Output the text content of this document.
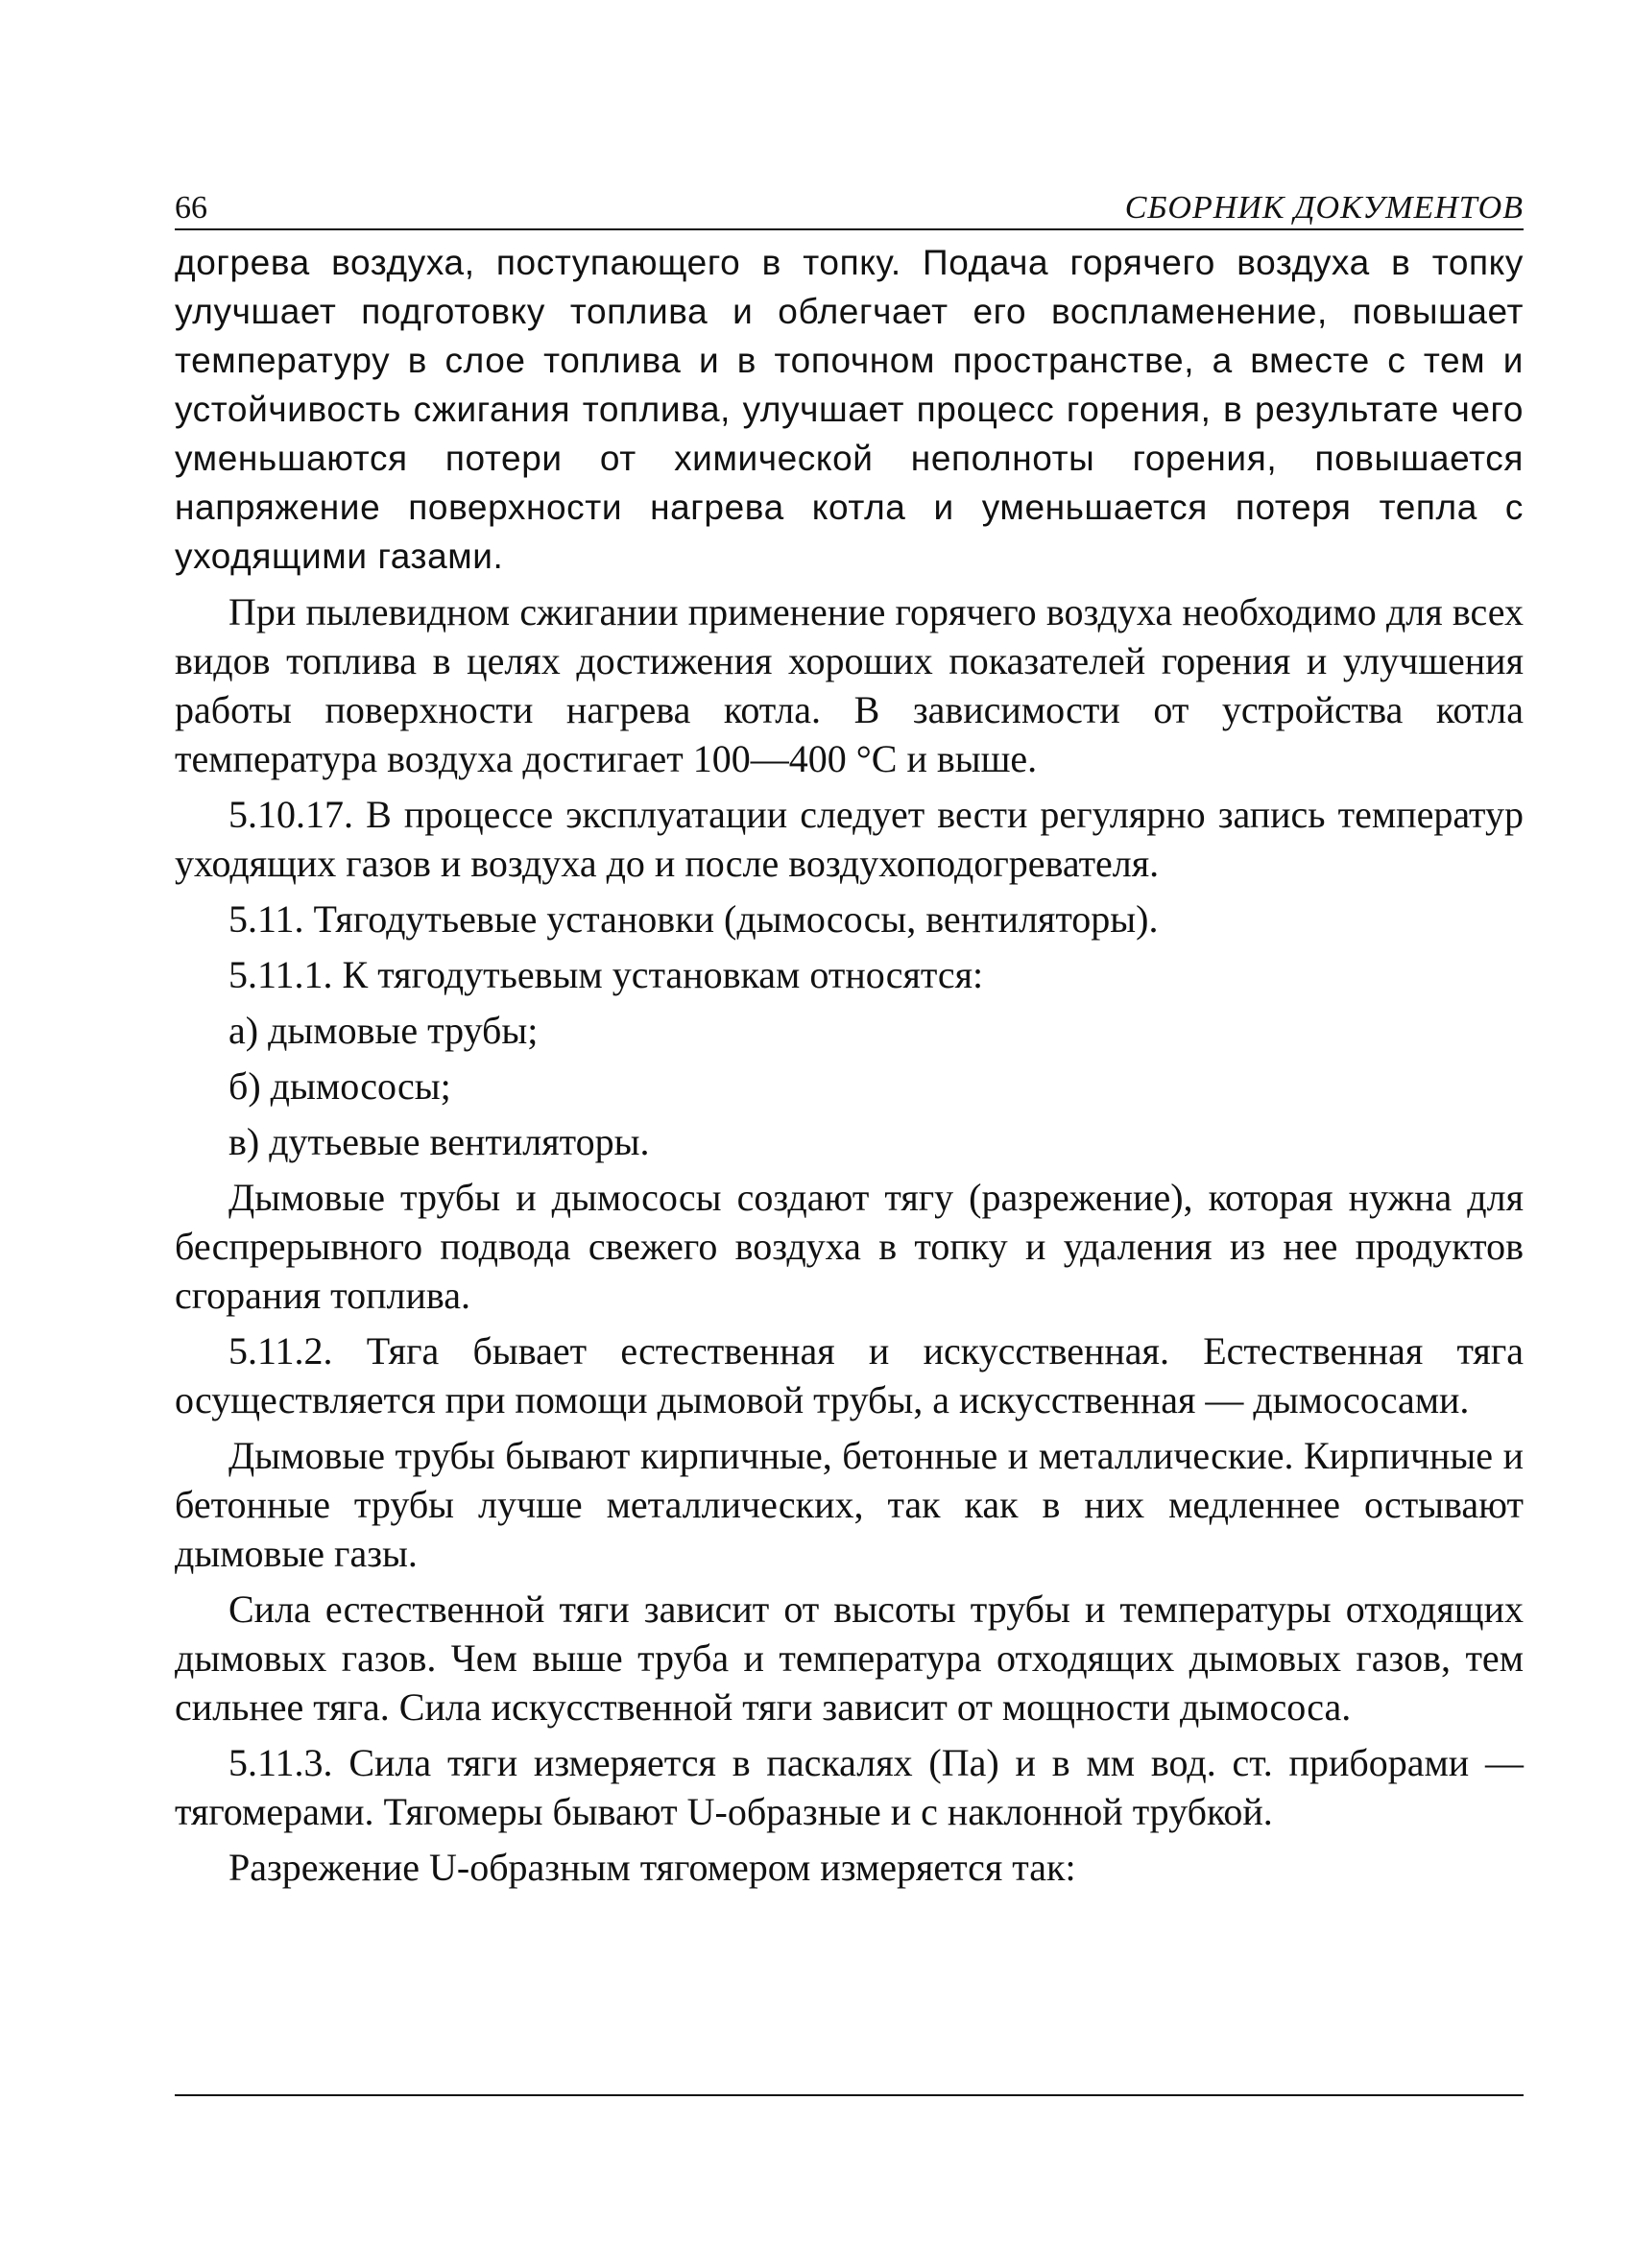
66	СБОРНИК ДОКУМЕНТОВ

догрева воздуха, поступающего в топку. Подача горячего воздуха в топку улучшает подготовку топлива и облегчает его воспламенение, повышает температуру в слое топлива и в топочном пространстве, а вместе с тем и устойчивость сжигания топлива, улучшает процесс горения, в результате чего уменьшаются потери от химической неполноты горения, повышается напряжение поверхности нагрева котла и уменьшается потеря тепла с уходящими газами.

При пылевидном сжигании применение горячего воздуха необходимо для всех видов топлива в целях достижения хороших показателей горения и улучшения работы поверхности нагрева котла. В зависимости от устройства котла температура воздуха достигает 100—400 °С и выше.

5.10.17. В процессе эксплуатации следует вести регулярно запись температур уходящих газов и воздуха до и после воздухоподогревателя.

5.11. Тягодутьевые установки (дымососы, вентиляторы).

5.11.1. К тягодутьевым установкам относятся:

а) дымовые трубы;

б) дымососы;

в) дутьевые вентиляторы.

Дымовые трубы и дымососы создают тягу (разрежение), которая нужна для беспрерывного подвода свежего воздуха в топку и удаления из нее продуктов сгорания топлива.

5.11.2. Тяга бывает естественная и искусственная. Естественная тяга осуществляется при помощи дымовой трубы, а искусственная — дымососами.

Дымовые трубы бывают кирпичные, бетонные и металлические. Кирпичные и бетонные трубы лучше металлических, так как в них медленнее остывают дымовые газы.

Сила естественной тяги зависит от высоты трубы и температуры отходящих дымовых газов. Чем выше труба и температура отходящих дымовых газов, тем сильнее тяга. Сила искусственной тяги зависит от мощности дымососа.

5.11.3. Сила тяги измеряется в паскалях (Па) и в мм вод. ст. приборами — тягомерами. Тягомеры бывают U-образные и с наклонной трубкой.

Разрежение U-образным тягомером измеряется так:
